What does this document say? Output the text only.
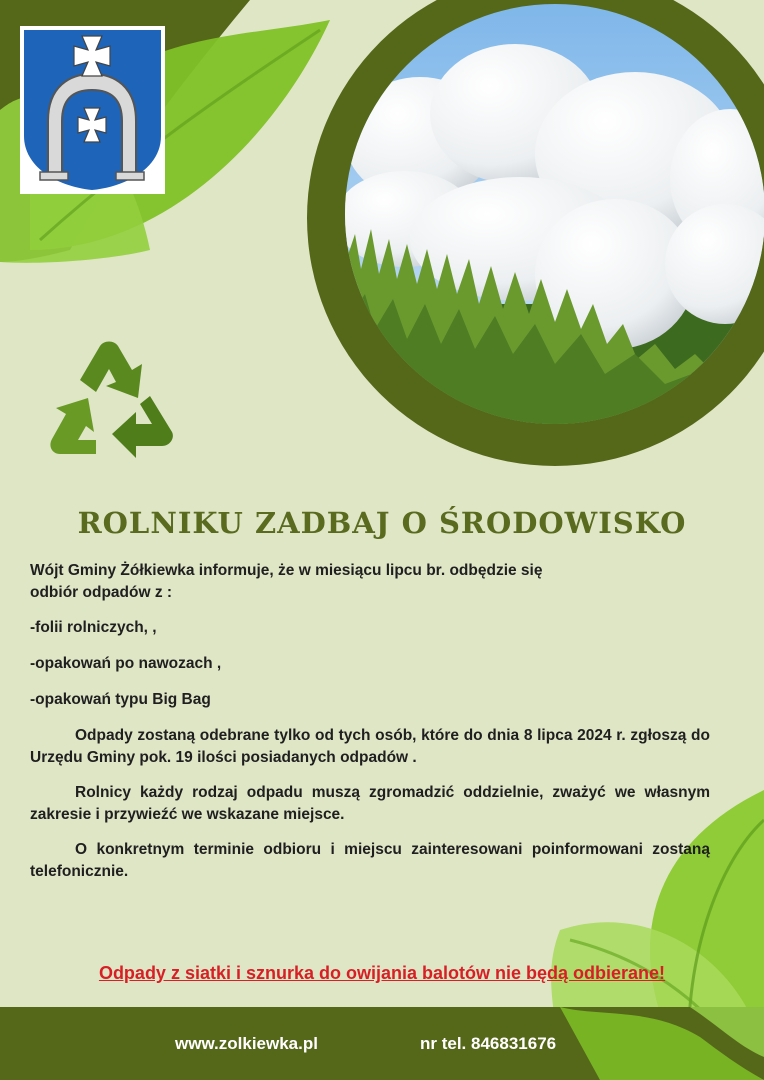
ROLNIKU ZADBAJ O ŚRODOWISKO
Wójt Gminy Żółkiewka informuje, że w miesiącu lipcu br. odbędzie się
odbiór odpadów z :
-folii rolniczych, ,
-opakowań po nawozach ,
-opakowań typu Big Bag
Odpady zostaną odebrane tylko od tych osób, które do dnia 8 lipca 2024 r. zgłoszą do Urzędu Gminy pok. 19 ilości posiadanych odpadów .
Rolnicy każdy rodzaj odpadu muszą zgromadzić oddzielnie, zważyć we własnym zakresie i przywieźć we wskazane miejsce.
O konkretnym terminie odbioru i miejscu zainteresowani poinformowani zostaną telefonicznie.
Odpady z siatki i sznurka do owijania balotów nie będą odbierane!
www.zolkiewka.pl	nr tel. 846831676
